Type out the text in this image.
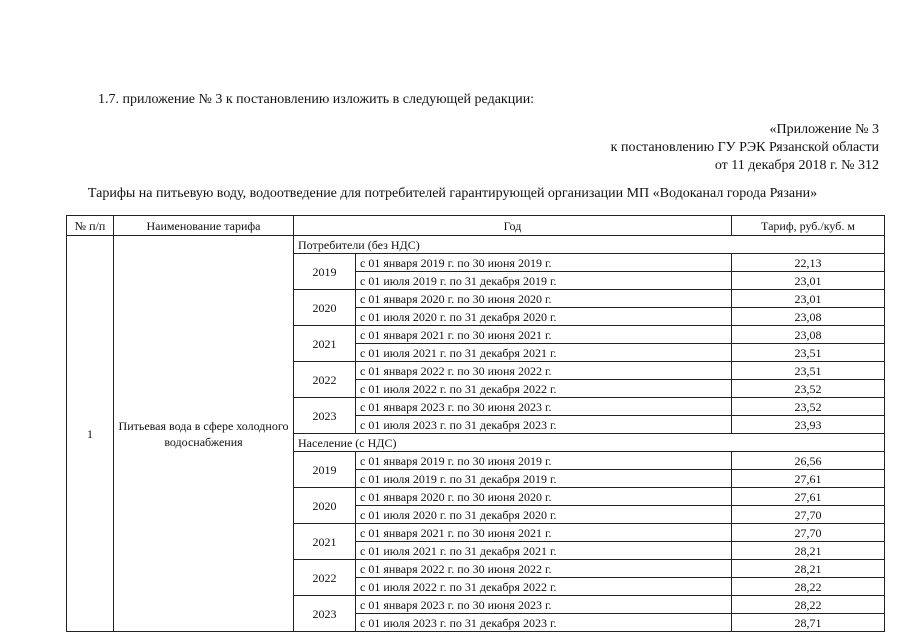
1.7. приложение № 3 к постановлению изложить в следующей редакции:
«Приложение № 3
к постановлению ГУ РЭК Рязанской области
от 11 декабря 2018 г. № 312
Тарифы на питьевую воду, водоотведение для потребителей гарантирующей организации МП «Водоканал города Рязани»
№ п/п	Наименование тарифа	Год		Тариф, руб./куб. м
1	Питьевая вода в сфере холодного водоснабжения	Потребители (без НДС)		
		2019	с 01 января 2019 г. по 30 июня 2019 г.	22,13
			с 01 июля 2019 г. по 31 декабря 2019 г.	23,01
		2020	с 01 января 2020 г. по 30 июня 2020 г.	23,01
			с 01 июля 2020 г. по 31 декабря 2020 г.	23,08
		2021	с 01 января 2021 г. по 30 июня 2021 г.	23,08
			с 01 июля 2021 г. по 31 декабря 2021 г.	23,51
		2022	с 01 января 2022 г. по 30 июня 2022 г.	23,51
			с 01 июля 2022 г. по 31 декабря 2022 г.	23,52
		2023	с 01 января 2023 г. по 30 июня 2023 г.	23,52
			с 01 июля 2023 г. по 31 декабря 2023 г.	23,93
		Население (с НДС)		
		2019	с 01 января 2019 г. по 30 июня 2019 г.	26,56
			с 01 июля 2019 г. по 31 декабря 2019 г.	27,61
		2020	с 01 января 2020 г. по 30 июня 2020 г.	27,61
			с 01 июля 2020 г. по 31 декабря 2020 г.	27,70
		2021	с 01 января 2021 г. по 30 июня 2021 г.	27,70
			с 01 июля 2021 г. по 31 декабря 2021 г.	28,21
		2022	с 01 января 2022 г. по 30 июня 2022 г.	28,21
			с 01 июля 2022 г. по 31 декабря 2022 г.	28,22
		2023	с 01 января 2023 г. по 30 июня 2023 г.	28,22
			с 01 июля 2023 г. по 31 декабря 2023 г.	28,71
